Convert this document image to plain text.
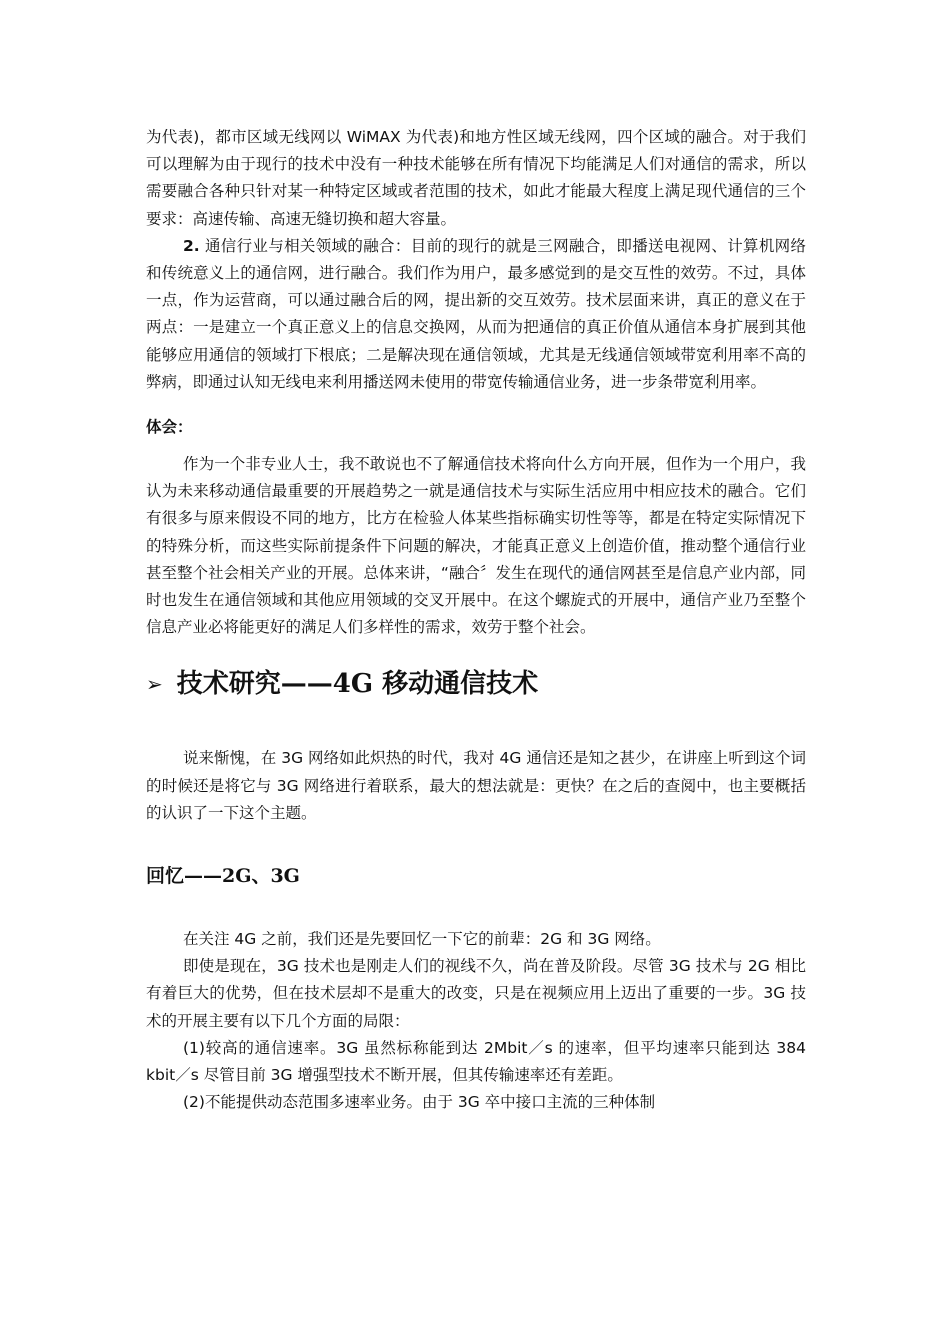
为代表)，都市区域无线网以 WiMAX 为代表)和地方性区域无线网，四个区域的融合。对于我们可以理解为由于现行的技术中没有一种技术能够在所有情况下均能满足人们对通信的需求，所以需要融合各种只针对某一种特定区域或者范围的技术，如此才能最大程度上满足现代通信的三个要求：高速传输、高速无缝切换和超大容量。

2. 通信行业与相关领域的融合：目前的现行的就是三网融合，即播送电视网、计算机网络和传统意义上的通信网，进行融合。我们作为用户，最多感觉到的是交互性的效劳。不过，具体一点，作为运营商，可以通过融合后的网，提出新的交互效劳。技术层面来讲，真正的意义在于两点：一是建立一个真正意义上的信息交换网，从而为把通信的真正价值从通信本身扩展到其他能够应用通信的领域打下根底；二是解决现在通信领域，尤其是无线通信领域带宽利用率不高的弊病，即通过认知无线电来利用播送网未使用的带宽传输通信业务，进一步条带宽利用率。

体会：

作为一个非专业人士，我不敢说也不了解通信技术将向什么方向开展，但作为一个用户，我认为未来移动通信最重要的开展趋势之一就是通信技术与实际生活应用中相应技术的融合。它们有很多与原来假设不同的地方，比方在检验人体某些指标确实切性等等，都是在特定实际情况下的特殊分析，而这些实际前提条件下问题的解决，才能真正意义上创造价值，推动整个通信行业甚至整个社会相关产业的开展。总体来讲，“融合〞发生在现代的通信网甚至是信息产业内部，同时也发生在通信领域和其他应用领域的交叉开展中。在这个螺旋式的开展中，通信产业乃至整个信息产业必将能更好的满足人们多样性的需求，效劳于整个社会。

➢ 技术研究——4G 移动通信技术

说来惭愧，在 3G 网络如此炽热的时代，我对 4G 通信还是知之甚少，在讲座上听到这个词的时候还是将它与 3G 网络进行着联系，最大的想法就是：更快？在之后的查阅中，也主要概括的认识了一下这个主题。

回忆——2G、3G

在关注 4G 之前，我们还是先要回忆一下它的前辈：2G 和 3G 网络。

即使是现在，3G 技术也是刚走人们的视线不久，尚在普及阶段。尽管 3G 技术与 2G 相比有着巨大的优势，但在技术层却不是重大的改变，只是在视频应用上迈出了重要的一步。3G 技术的开展主要有以下几个方面的局限：

(1)较高的通信速率。3G 虽然标称能到达 2Mbit／s 的速率，但平均速率只能到达 384 kbit／s 尽管目前 3G 增强型技术不断开展，但其传输速率还有差距。

(2)不能提供动态范围多速率业务。由于 3G 卒中接口主流的三种体制
